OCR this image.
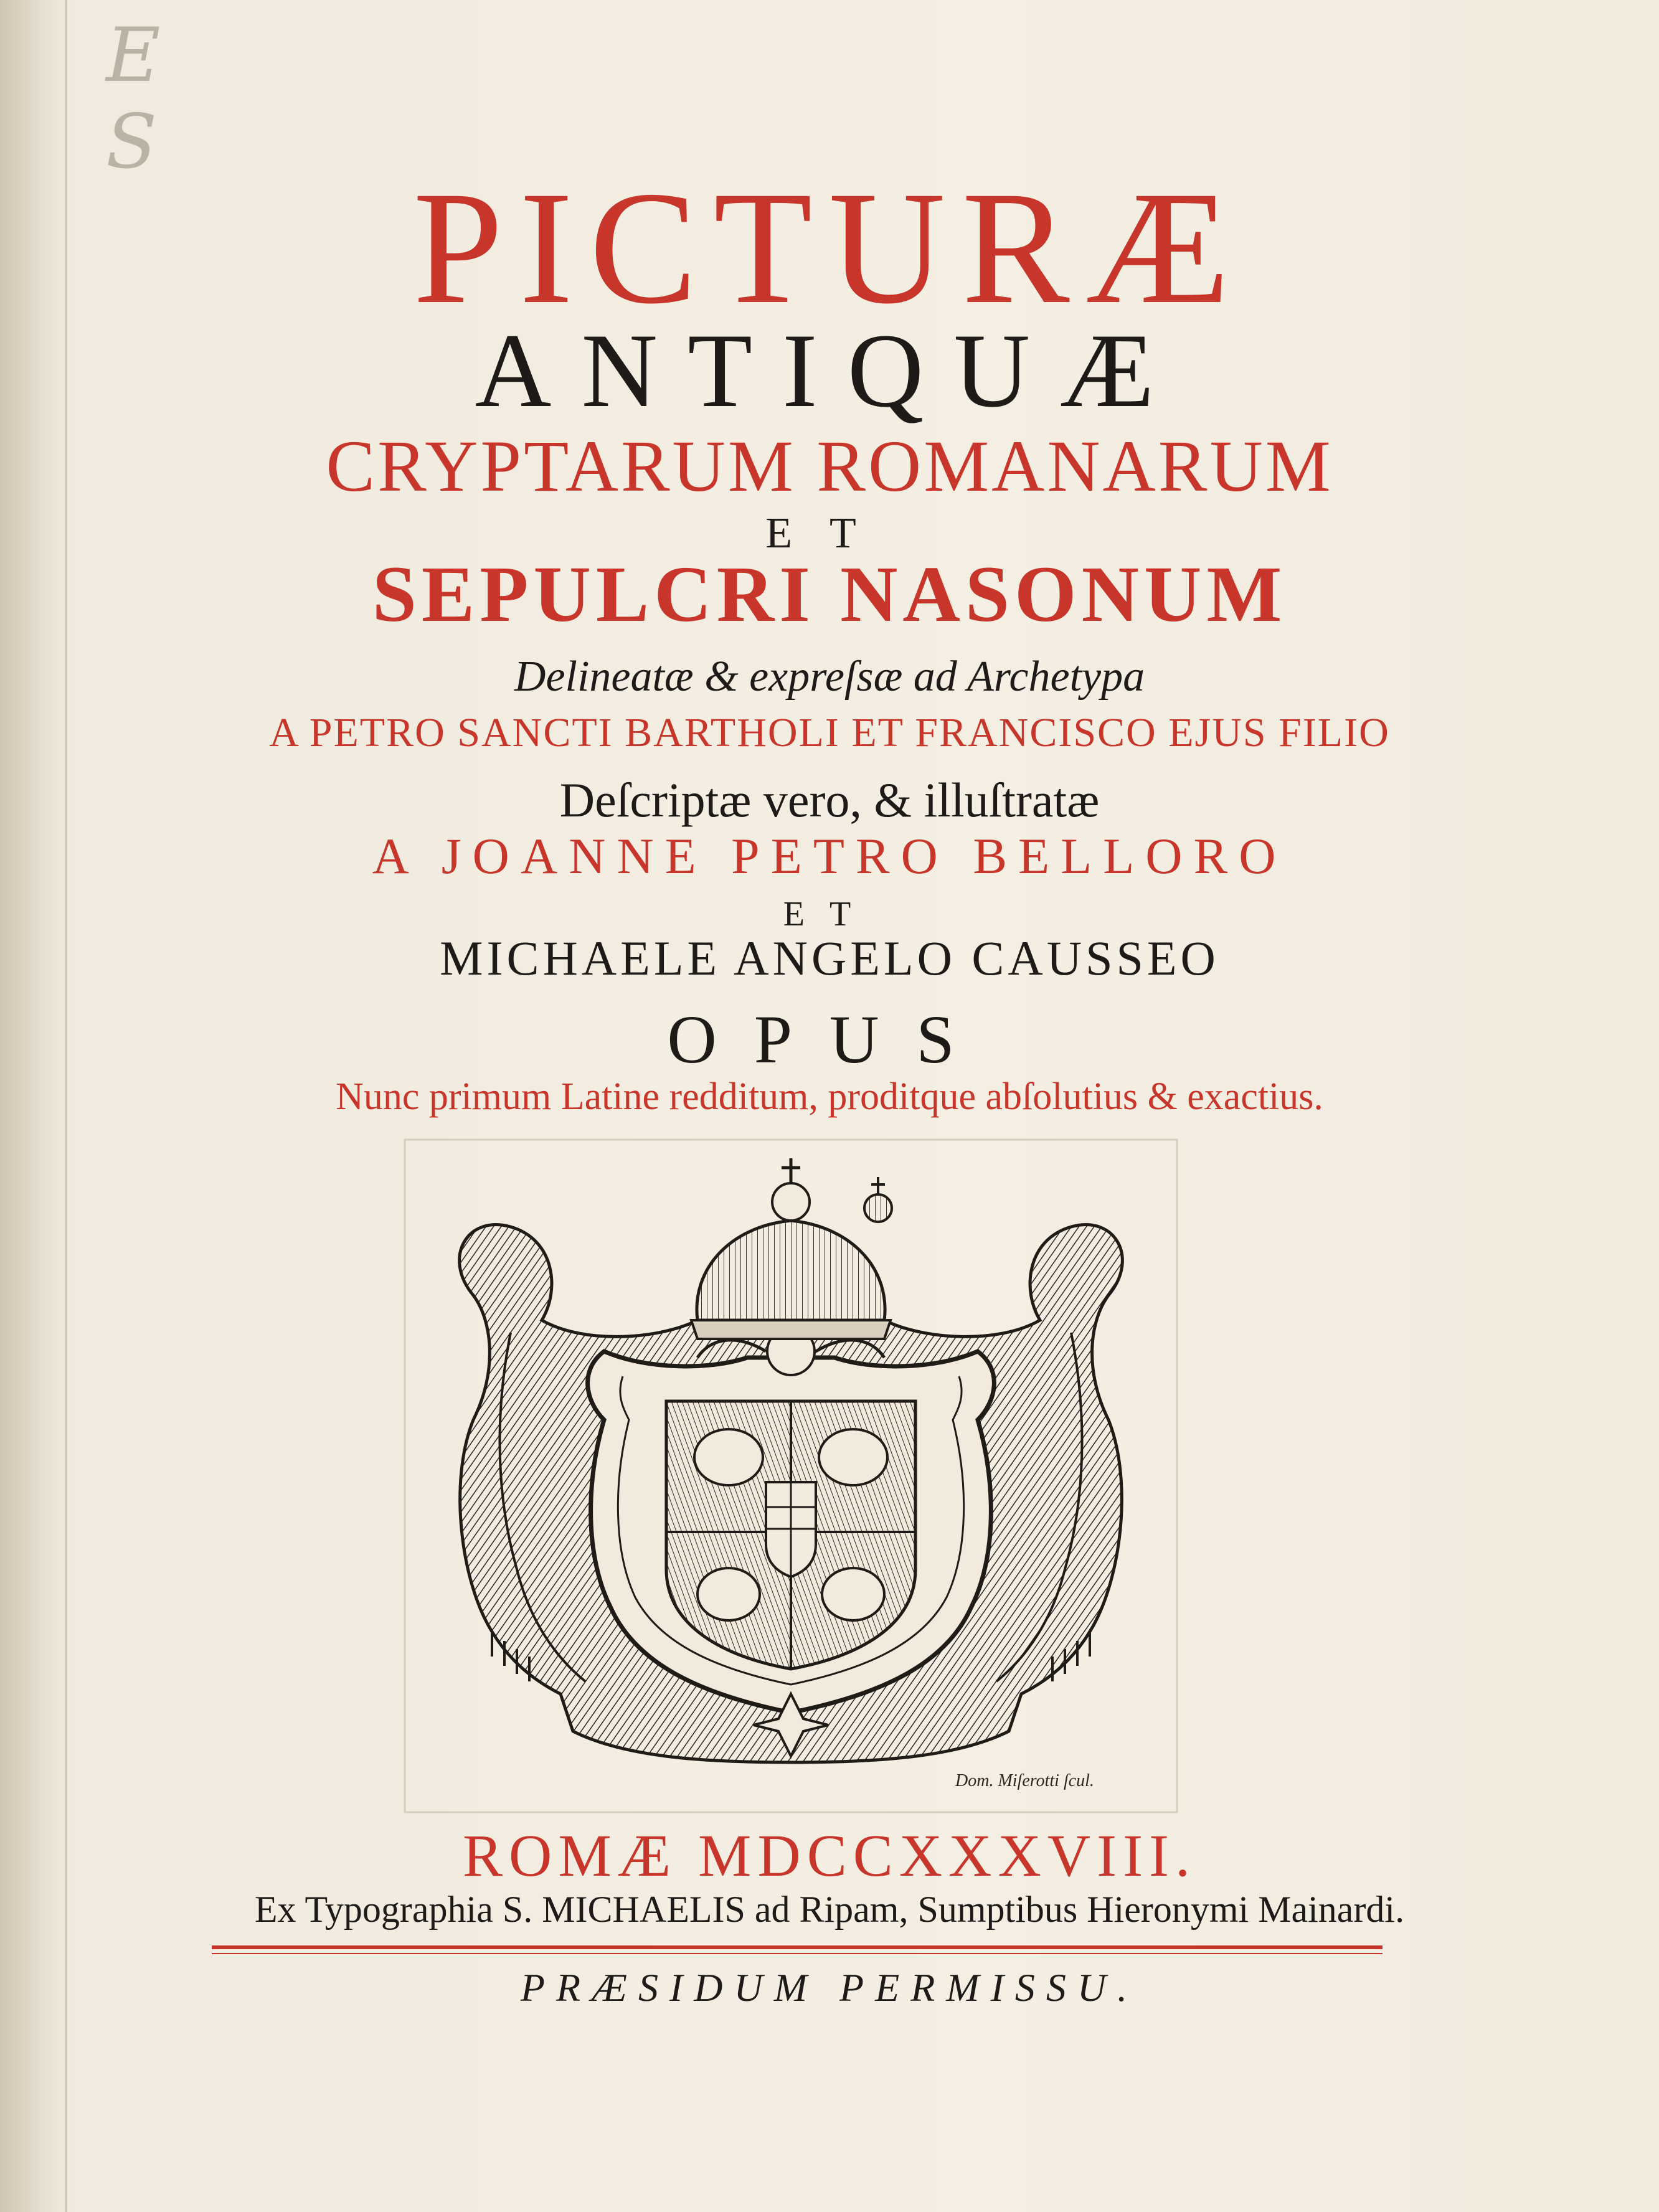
E S
PICTURÆ
ANTIQUÆ
CRYPTARUM ROMANARUM
ET
SEPULCRI NASONUM
Delineatæ & expreſsæ ad Archetypa
A PETRO SANCTI BARTHOLI ET FRANCISCO EJUS FILIO
Deſcriptæ vero, & illuſtratæ
A JOANNE PETRO BELLORO
ET
MICHAELE ANGELO CAUSSEO
OPUS
Nunc primum Latine redditum, proditque abſolutius & exactius.
Dom. Miſerotti ſcul.
ROMÆ MDCCXXXVIII.
Ex Typographia S. MICHAELIS ad Ripam, Sumptibus Hieronymi Mainardi.
PRÆSIDUM PERMISSU.
